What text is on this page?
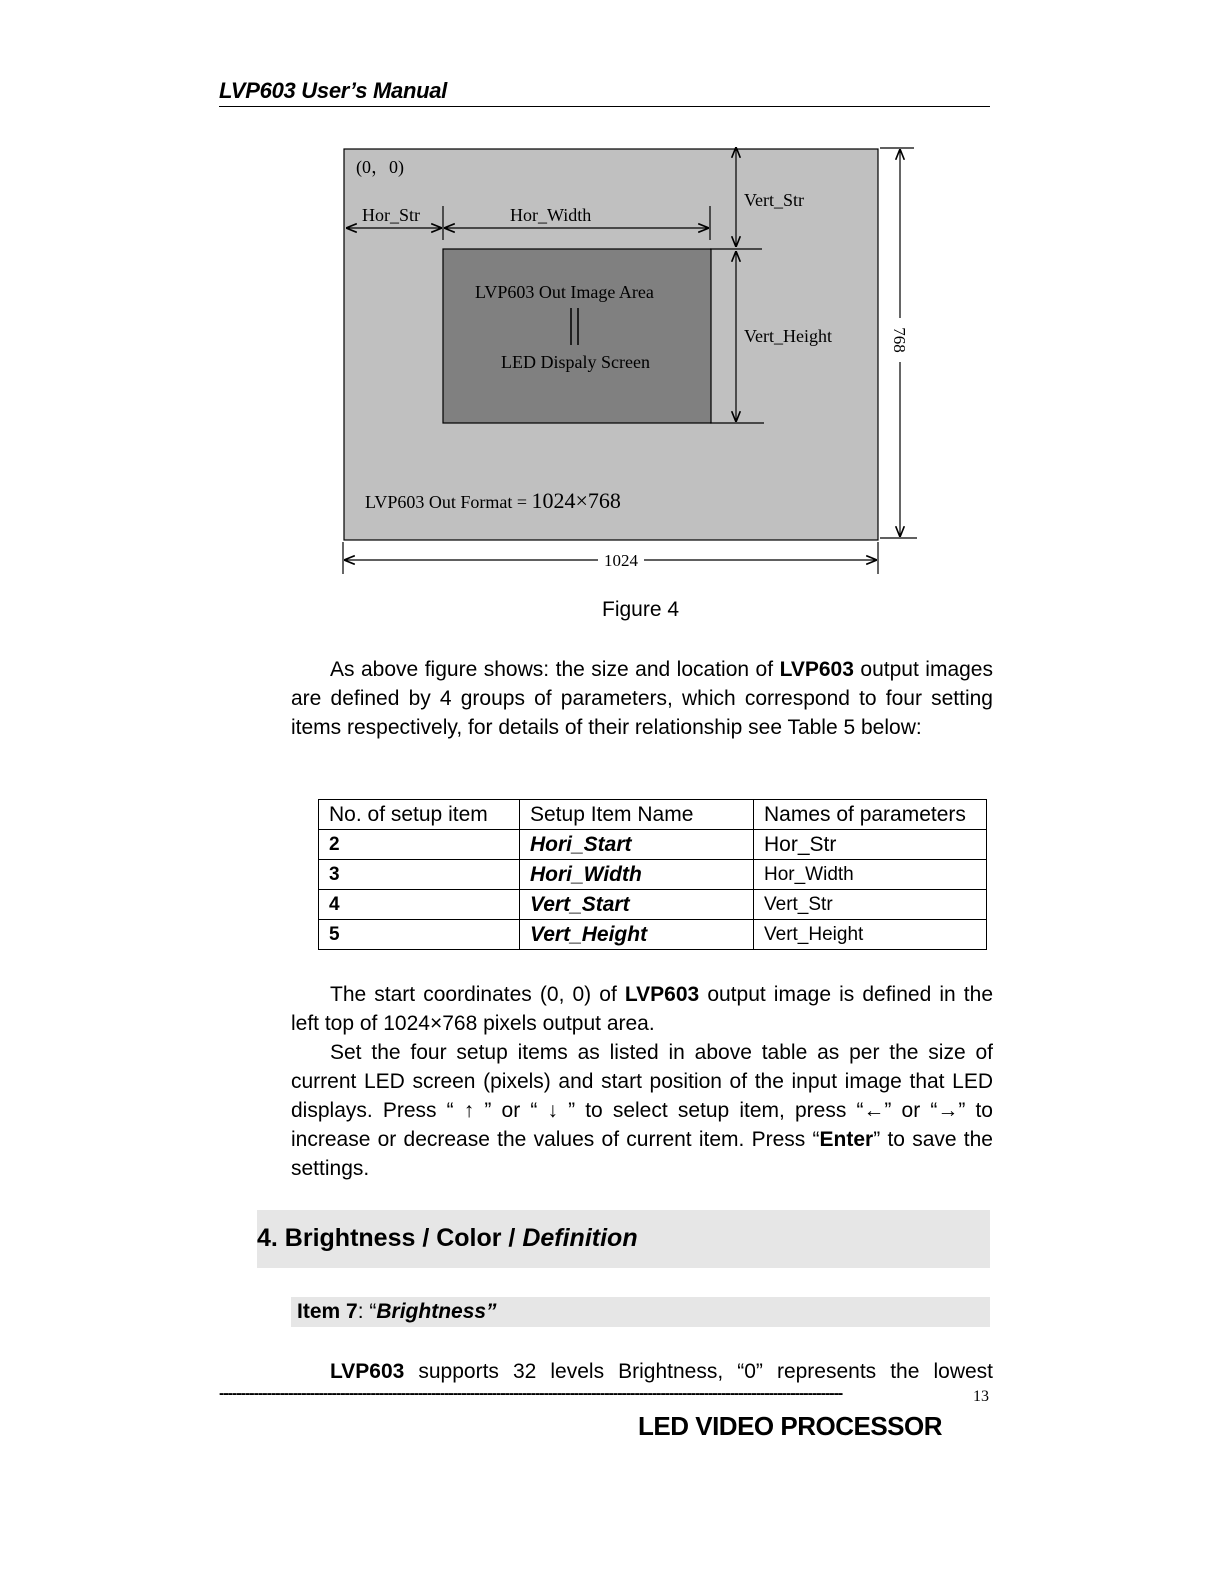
LVP603 User’s Manual
(0，0)
Hor_Str	Hor_Width
Vert_Str
Vert_Height
LVP603 Out Image Area
LED Dispaly Screen
LVP603 Out Format = 1024×768
1024
768
Figure 4

As above figure shows: the size and location of LVP603 output images are defined by 4 groups of parameters, which correspond to four setting items respectively, for details of their relationship see Table 5 below:

No. of setup item	Setup Item Name	Names of parameters
2	Hori_Start	Hor_Str
3	Hori_Width	Hor_Width
4	Vert_Start	Vert_Str
5	Vert_Height	Vert_Height

The start coordinates (0, 0) of LVP603 output image is defined in the left top of 1024×768 pixels output area.

Set the four setup items as listed in above table as per the size of current LED screen (pixels) and start position of the input image that LED displays. Press “ ↑ ” or “ ↓ ” to select setup item, press “←” or “→” to increase or decrease the values of current item. Press “Enter” to save the settings.

4. Brightness / Color / Definition
Item 7: “Brightness”

LVP603 supports 32 levels Brightness, “0” represents the lowest

------------------------------------------------------------------------------------------------------------------------------------------------	13
LED VIDEO PROCESSOR
